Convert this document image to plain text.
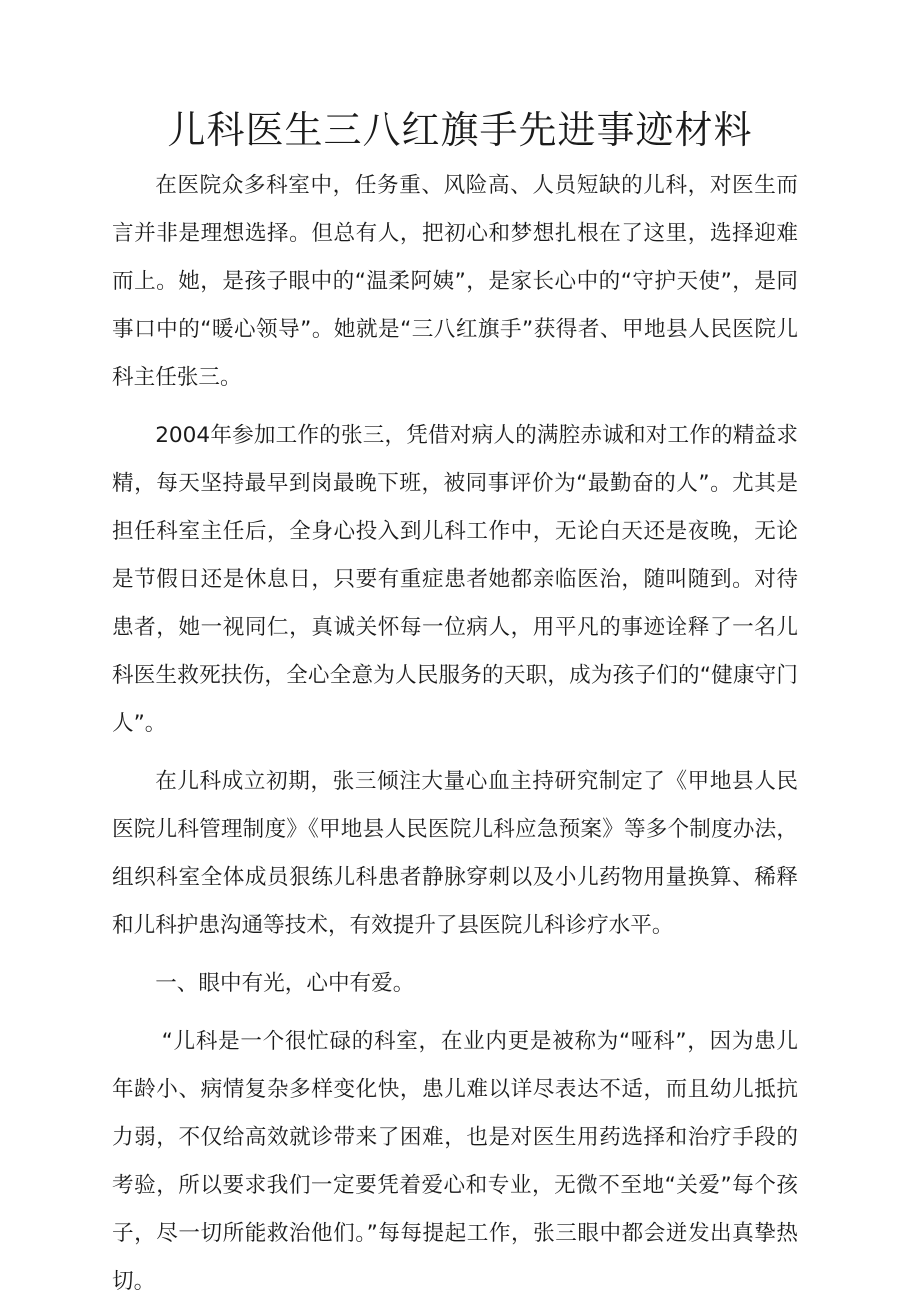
儿科医生三八红旗手先进事迹材料

在医院众多科室中，任务重、风险高、人员短缺的儿科，对医生而言并非是理想选择。但总有人，把初心和梦想扎根在了这里，选择迎难而上。她，是孩子眼中的“温柔阿姨”，是家长心中的“守护天使”，是同事口中的“暖心领导”。她就是“三八红旗手”获得者、甲地县人民医院儿科主任张三。

2004年参加工作的张三，凭借对病人的满腔赤诚和对工作的精益求精，每天坚持最早到岗最晚下班，被同事评价为“最勤奋的人”。尤其是担任科室主任后，全身心投入到儿科工作中，无论白天还是夜晚，无论是节假日还是休息日，只要有重症患者她都亲临医治，随叫随到。对待患者，她一视同仁，真诚关怀每一位病人，用平凡的事迹诠释了一名儿科医生救死扶伤，全心全意为人民服务的天职，成为孩子们的“健康守门人”。

在儿科成立初期，张三倾注大量心血主持研究制定了《甲地县人民医院儿科管理制度》《甲地县人民医院儿科应急预案》等多个制度办法，组织科室全体成员狠练儿科患者静脉穿刺以及小儿药物用量换算、稀释和儿科护患沟通等技术，有效提升了县医院儿科诊疗水平。

一、眼中有光，心中有爱。

“儿科是一个很忙碌的科室，在业内更是被称为“哑科”，因为患儿年龄小、病情复杂多样变化快，患儿难以详尽表达不适，而且幼儿抵抗力弱，不仅给高效就诊带来了困难，也是对医生用药选择和治疗手段的考验，所以要求我们一定要凭着爱心和专业，无微不至地“关爱”每个孩子，尽一切所能救治他们。”每每提起工作，张三眼中都会迸发出真挚热切。
